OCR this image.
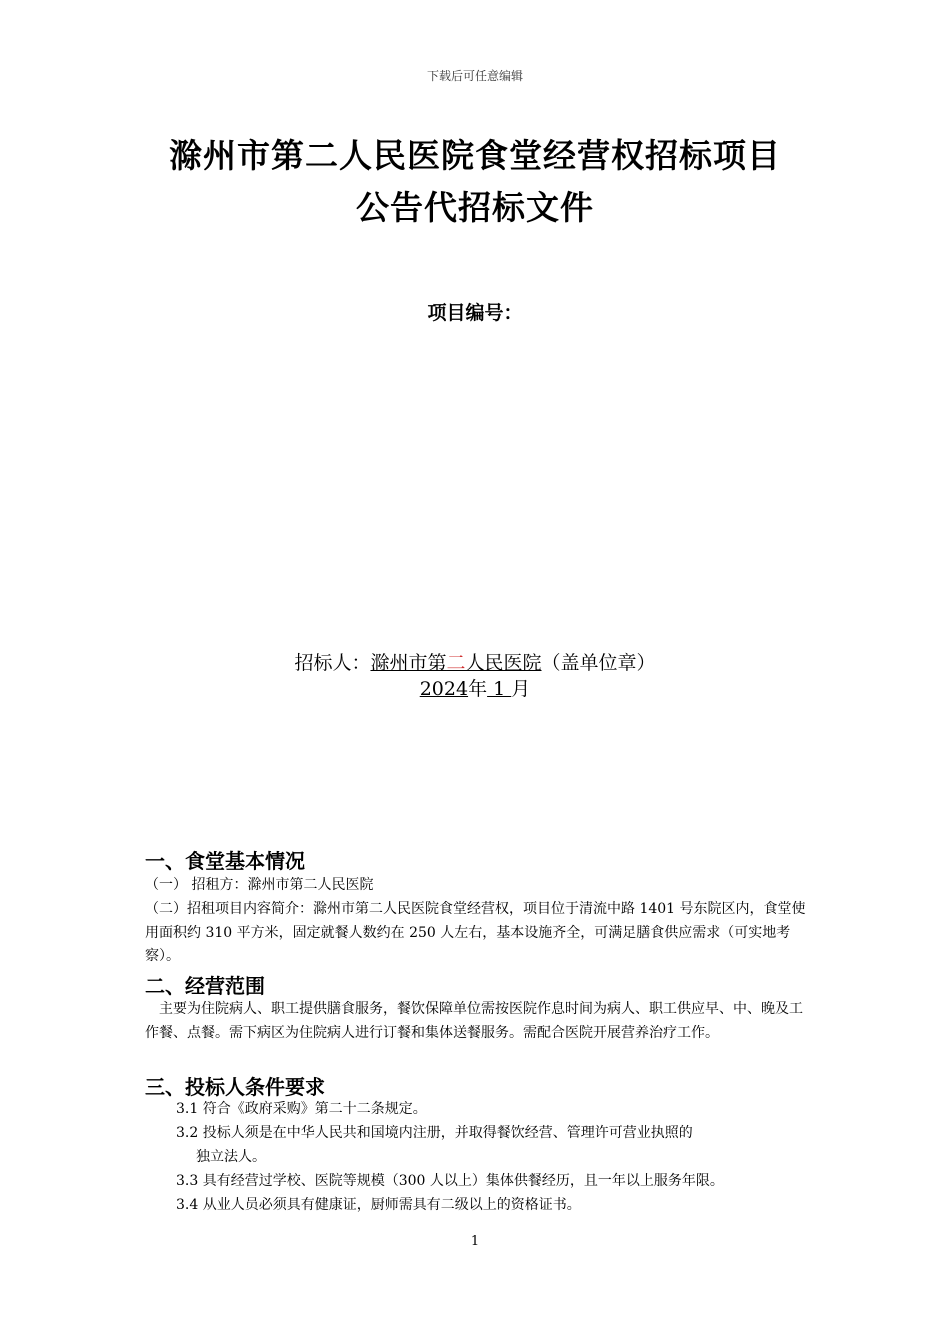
下载后可任意编辑
滁州市第二人民医院食堂经营权招标项目
公告代招标文件
项目编号：
招标人：滁州市第二人民医院（盖单位章）
2024年 1 月
一、食堂基本情况
（一） 招租方：滁州市第二人民医院
（二）招租项目内容简介：滁州市第二人民医院食堂经营权，项目位于清流中路 1401 号东院区内，食堂使用面积约 310 平方米，固定就餐人数约在 250 人左右，基本设施齐全，可满足膳食供应需求（可实地考察）。
二、经营范围
主要为住院病人、职工提供膳食服务，餐饮保障单位需按医院作息时间为病人、职工供应早、中、晚及工作餐、点餐。需下病区为住院病人进行订餐和集体送餐服务。需配合医院开展营养治疗工作。
三、投标人条件要求
3.1 符合《政府采购》第二十二条规定。
3.2 投标人须是在中华人民共和国境内注册，并取得餐饮经营、管理许可营业执照的
独立法人。
3.3 具有经营过学校、医院等规模（300 人以上）集体供餐经历，且一年以上服务年限。
3.4 从业人员必须具有健康证，厨师需具有二级以上的资格证书。
1
